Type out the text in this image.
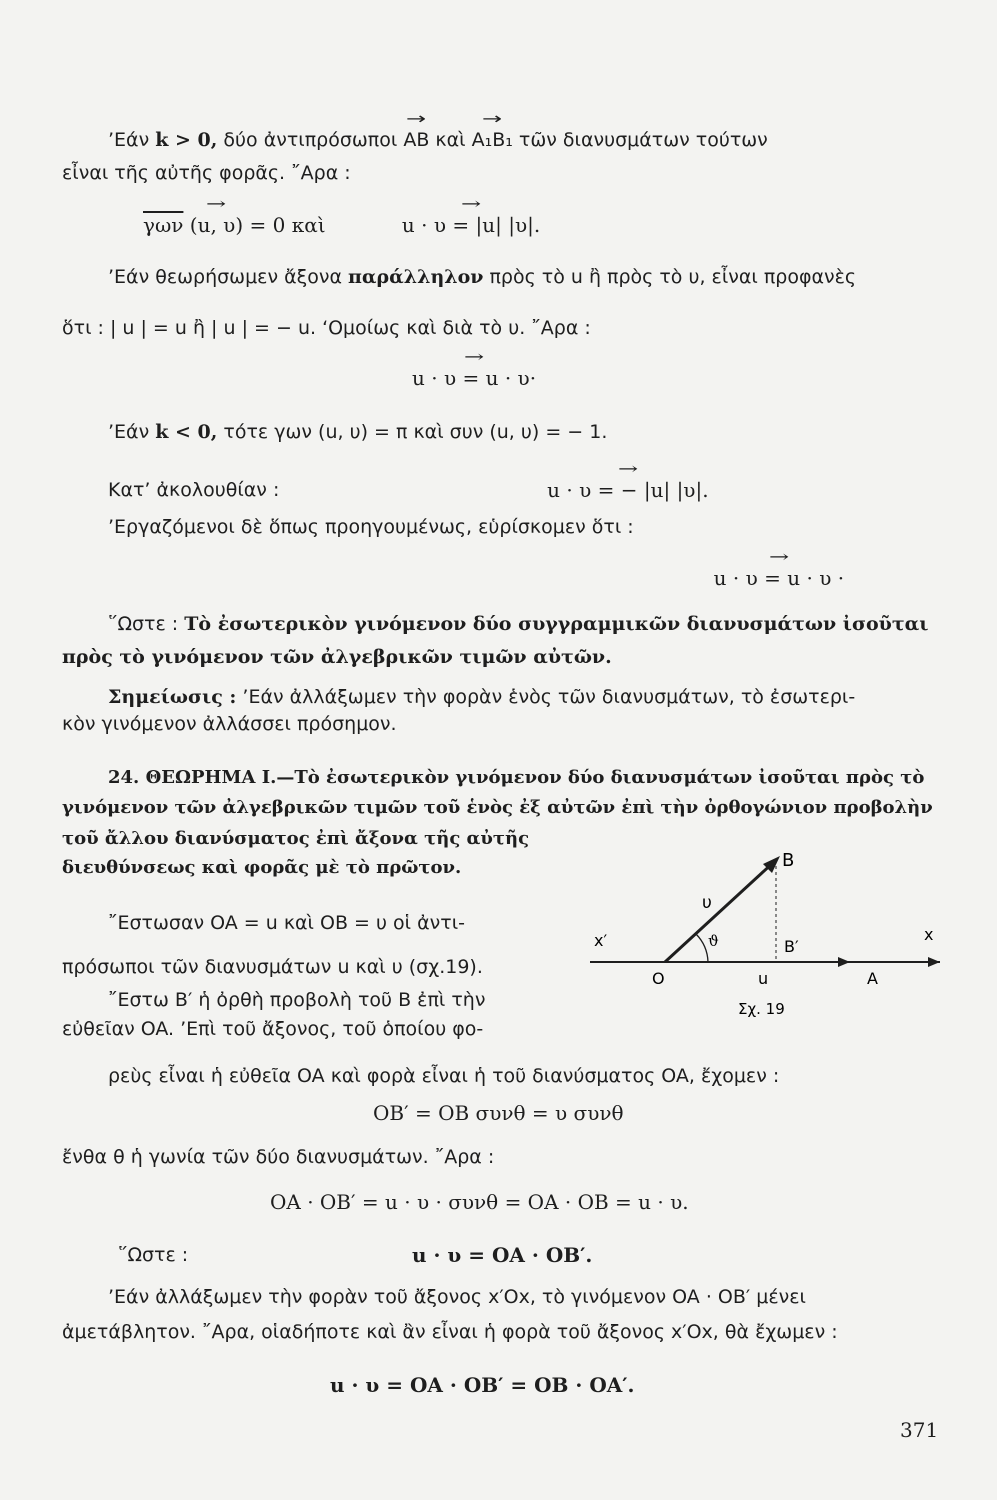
’Εάν k > 0, δύο ἀντιπρόσωποι → AB καὶ → A₁B₁ τῶν διανυσμάτων τούτων
εἶναι τῆς αὐτῆς φορᾶς. ῎Αρα :
$\overline{\gamma\omega\nu} \to (u$, υ) = 0 καὶ	→ u · υ = |u| |υ|.
’Εάν θεωρήσωμεν ἄξονα παράλληλον πρὸς τὸ u ἢ πρὸς τὸ υ, εἶναι προφανὲς
ὅτι : | u | = u ἢ | u | = − u. ‘Ομοίως καὶ διὰ τὸ υ. ῎Αρα :
→ u · υ = u · υ·
’Εάν k < 0, τότε γων (u, υ) = π καὶ συν (u, υ) = − 1.
Κατ’ ἀκολουθίαν :	→ u · υ = − |u| |υ|.
’Εργαζόμενοι δὲ ὅπως προηγουμένως, εὑρίσκομεν ὅτι :
→ u · υ = u · υ ·
῞Ωστε : Τὸ ἐσωτερικὸν γινόμενον δύο συγγραμμικῶν διανυσμάτων ἰσοῦται
πρὸς τὸ γινόμενον τῶν ἀλγεβρικῶν τιμῶν αὐτῶν.
Σημείωσις : ’Εάν ἀλλάξωμεν τὴν φορὰν ἑνὸς τῶν διανυσμάτων, τὸ ἐσωτερι-
κὸν γινόμενον ἀλλάσσει πρόσημον.
24. ΘΕΩΡΗΜΑ Ι.—Τὸ ἐσωτερικὸν γινόμενον δύο διανυσμάτων ἰσοῦται πρὸς τὸ
γινόμενον τῶν ἀλγεβρικῶν τιμῶν τοῦ ἑνὸς ἐξ αὐτῶν ἐπὶ τὴν ὀρθογώνιον προβολὴν
τοῦ ἄλλου διανύσματος ἐπὶ ἄξονα τῆς αὐτῆς
διευθύνσεως καὶ φορᾶς μὲ τὸ πρῶτον.
῎Εστωσαν OA = u καὶ OB = υ οἱ ἀντι-
πρόσωποι τῶν διανυσμάτων u καὶ υ (σχ.19).
῎Εστω B′ ἡ ὀρθὴ προβολὴ τοῦ B ἐπὶ τὴν
εὐθεῖαν OA. ’Επὶ τοῦ ἄξονος, τοῦ ὁποίου φο-
ρεὺς εἶναι ἡ εὐθεῖα OA καὶ φορὰ εἶναι ἡ τοῦ διανύσματος OA, ἔχομεν :
OB′ = OB συνθ = υ συνθ
ἔνθα θ ἡ γωνία τῶν δύο διανυσμάτων. ῎Αρα :
OA · OB′ = u · υ · συνθ = OA · OB = u · υ.
῞Ωστε :	u · υ = OA · OB′.
’Εάν ἀλλάξωμεν τὴν φορὰν τοῦ ἄξονος x′Ox, τὸ γινόμενον OA · OB′ μένει
ἀμετάβλητον. ῎Αρα, οἱαδήποτε καὶ ἂν εἶναι ἡ φορὰ τοῦ ἄξονος x′Ox, θὰ ἔχωμεν :
u · υ = OA · OB′ = OB · OA′.
B
υ
ϑ	B′
x′	x
O	u	A
Σχ. 19
371
